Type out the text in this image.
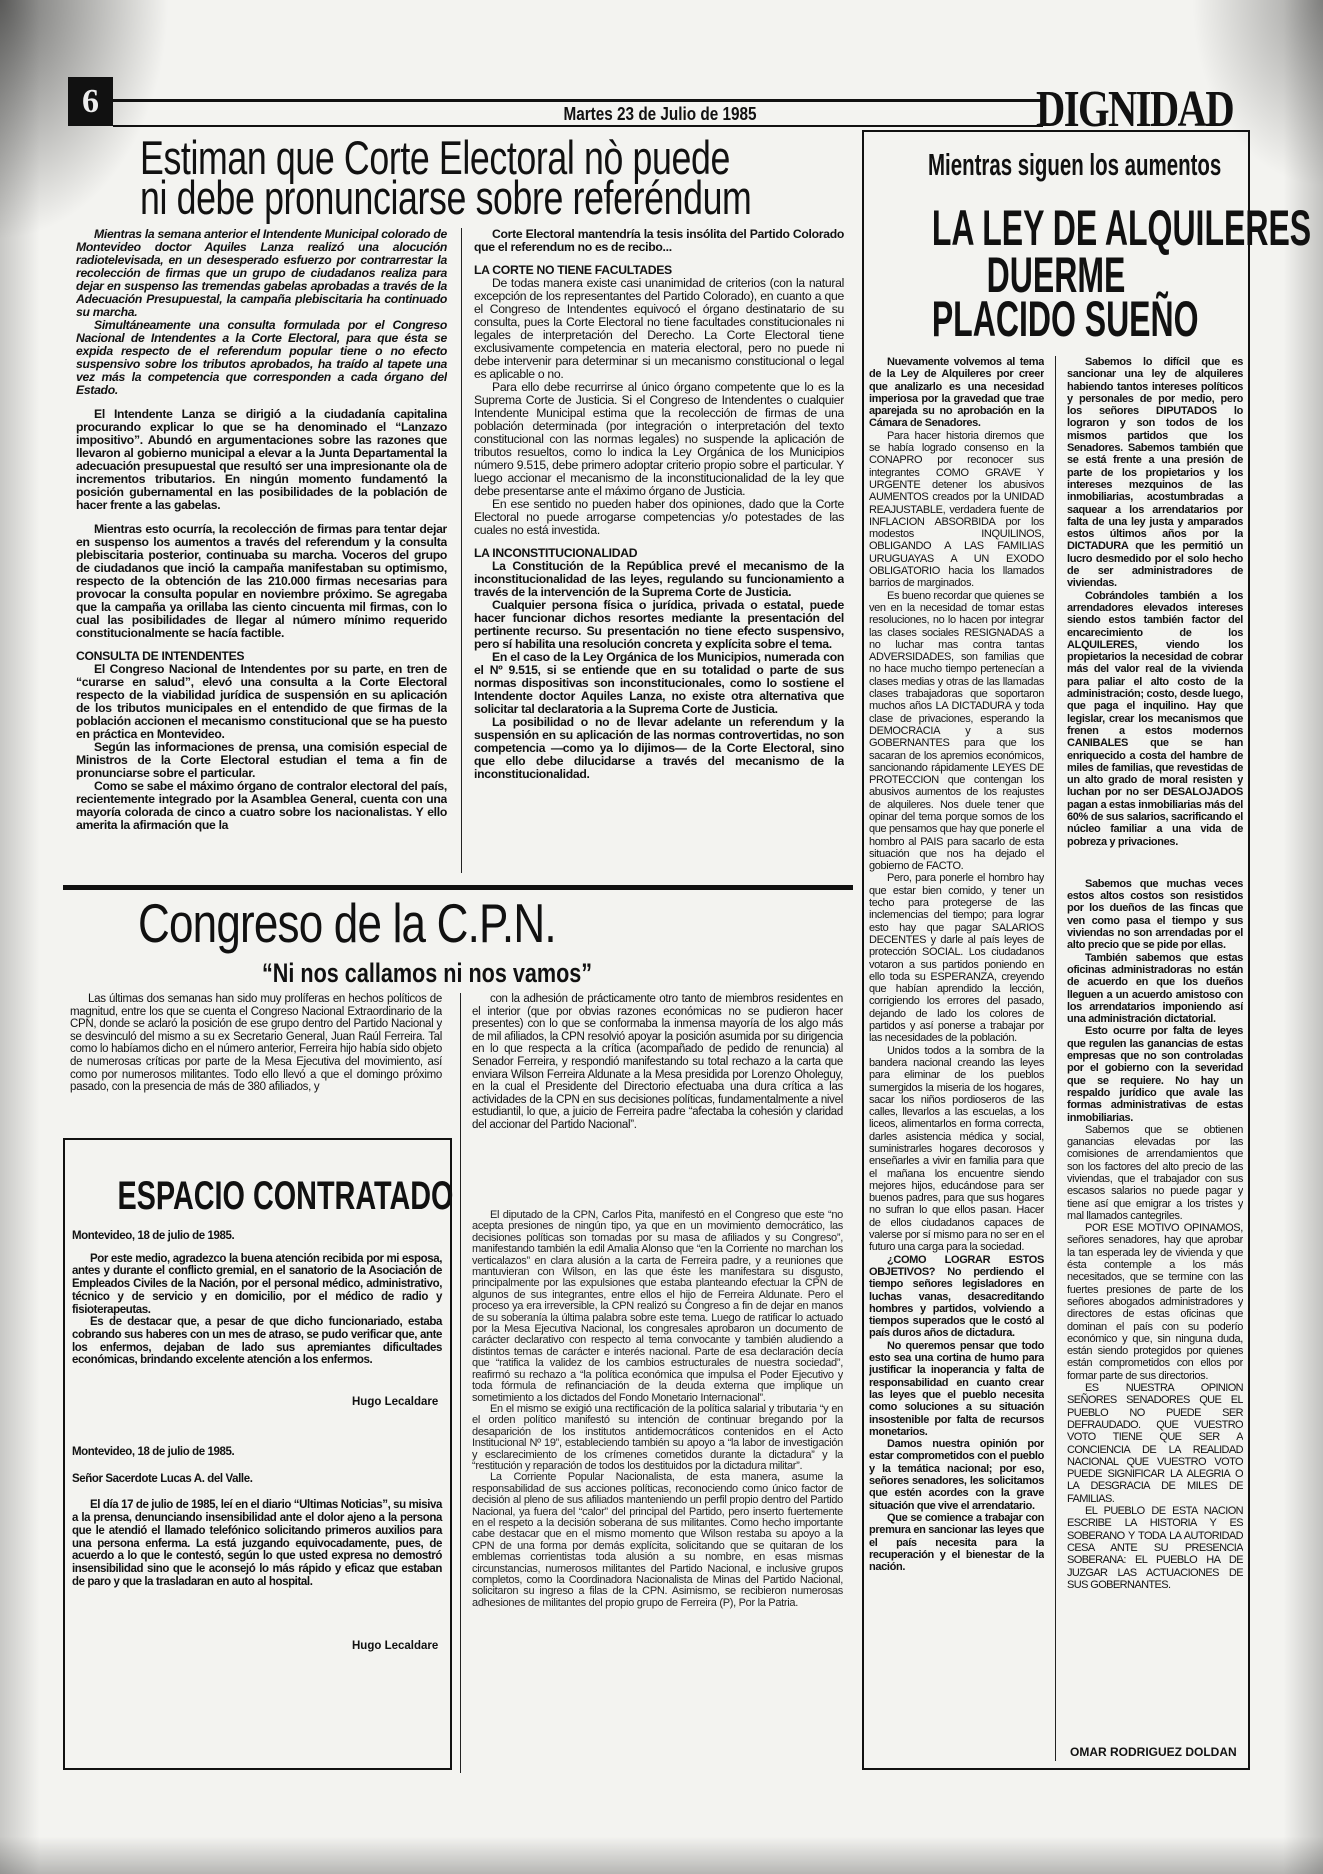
6	Martes 23 de Julio de 1985	DIGNIDAD
Estiman que Corte Electoral nò puede
ni debe pronunciarse sobre referéndum

Mientras la semana anterior el Intendente Municipal colorado de Montevideo doctor Aquiles Lanza realizó una alocución radiotelevisada, en un desesperado esfuerzo por contrarrestar la recolección de firmas que un grupo de ciudadanos realiza para dejar en suspenso las tremendas gabelas aprobadas a través de la Adecuación Presupuestal, la campaña plebiscitaria ha continuado su marcha.

Simultáneamente una consulta formulada por el Congreso Nacional de Intendentes a la Corte Electoral, para que ésta se expida respecto de el referendum popular tiene o no efecto suspensivo sobre los tributos aprobados, ha traído al tapete una vez más la competencia que corresponden a cada órgano del Estado.

El Intendente Lanza se dirigió a la ciudadanía capitalina procurando explicar lo que se ha denominado el “Lanzazo impositivo”. Abundó en argumentaciones sobre las razones que llevaron al gobierno municipal a elevar a la Junta Departamental la adecuación presupuestal que resultó ser una impresionante ola de incrementos tributarios. En ningún momento fundamentó la posición gubernamental en las posibilidades de la población de hacer frente a las gabelas.

Mientras esto ocurría, la recolección de firmas para tentar dejar en suspenso los aumentos a través del referendum y la consulta plebiscitaria posterior, continuaba su marcha. Voceros del grupo de ciudadanos que inció la campaña manifestaban su optimismo, respecto de la obtención de las 210.000 firmas necesarias para provocar la consulta popular en noviembre próximo. Se agregaba que la campaña ya orillaba las ciento cincuenta mil firmas, con lo cual las posibilidades de llegar al número mínimo requerido constitucionalmente se hacía factible.

CONSULTA DE INTENDENTES

El Congreso Nacional de Intendentes por su parte, en tren de “curarse en salud”, elevó una consulta a la Corte Electoral respecto de la viabilidad jurídica de suspensión en su aplicación de los tributos municipales en el entendido de que firmas de la población accionen el mecanismo constitucional que se ha puesto en práctica en Montevideo.

Según las informaciones de prensa, una comisión especial de Ministros de la Corte Electoral estudian el tema a fin de pronunciarse sobre el particular.

Como se sabe el máximo órgano de contralor electoral del país, recientemente integrado por la Asamblea General, cuenta con una mayoría colorada de cinco a cuatro sobre los nacionalistas. Y ello amerita la afirmación que la

Corte Electoral mantendría la tesis insólita del Partido Colorado que el referendum no es de recibo...

LA CORTE NO TIENE FACULTADES

De todas manera existe casi unanimidad de criterios (con la natural excepción de los representantes del Partido Colorado), en cuanto a que el Congreso de Intendentes equivocó el órgano destinatario de su consulta, pues la Corte Electoral no tiene facultades constitucionales ni legales de interpretación del Derecho. La Corte Electoral tiene exclusivamente competencia en materia electoral, pero no puede ni debe intervenir para determinar si un mecanismo constitucional o legal es aplicable o no.

Para ello debe recurrirse al único órgano competente que lo es la Suprema Corte de Justicia. Si el Congreso de Intendentes o cualquier Intendente Municipal estima que la recolección de firmas de una población determinada (por integración o interpretación del texto constitucional con las normas legales) no suspende la aplicación de tributos resueltos, como lo indica la Ley Orgánica de los Municipios número 9.515, debe primero adoptar criterio propio sobre el particular. Y luego accionar el mecanismo de la inconstitucionalidad de la ley que debe presentarse ante el máximo órgano de Justicia.

En ese sentido no pueden haber dos opiniones, dado que la Corte Electoral no puede arrogarse competencias y/o potestades de las cuales no está investida.

LA INCONSTITUCIONALIDAD

La Constitución de la República prevé el mecanismo de la inconstitucionalidad de las leyes, regulando su funcionamiento a través de la intervención de la Suprema Corte de Justicia.

Cualquier persona física o jurídica, privada o estatal, puede hacer funcionar dichos resortes mediante la presentación del pertinente recurso. Su presentación no tiene efecto suspensivo, pero sí habilita una resolución concreta y explícita sobre el tema.

En el caso de la Ley Orgánica de los Municipios, numerada con el Nº 9.515, si se entiende que en su totalidad o parte de sus normas dispositivas son inconstitucionales, como lo sostiene el Intendente doctor Aquiles Lanza, no existe otra alternativa que solicitar tal declaratoria a la Suprema Corte de Justicia.

La posibilidad o no de llevar adelante un referendum y la suspensión en su aplicación de las normas controvertidas, no son competencia —como ya lo dijimos— de la Corte Electoral, sino que ello debe dilucidarse a través del mecanismo de la inconstitucionalidad.

Mientras siguen los aumentos
LA LEY DE ALQUILERES
DUERME
PLACIDO SUEÑO

Nuevamente volvemos al tema de la Ley de Alquileres por creer que analizarlo es una necesidad imperiosa por la gravedad que trae aparejada su no aprobación en la Cámara de Senadores.

Para hacer historia diremos que se había logrado consenso en la CONAPRO por reconocer sus integrantes COMO GRAVE Y URGENTE detener los abusivos AUMENTOS creados por la UNIDAD REAJUSTABLE, verdadera fuente de INFLACION ABSORBIDA por los modestos INQUILINOS, OBLIGANDO A LAS FAMILIAS URUGUAYAS A UN EXODO OBLIGATORIO hacia los llamados barrios de marginados.

Es bueno recordar que quienes se ven en la necesidad de tomar estas resoluciones, no lo hacen por integrar las clases sociales RESIGNADAS a no luchar mas contra tantas ADVERSIDADES, son familias que no hace mucho tiempo pertenecían a clases medias y otras de las llamadas clases trabajadoras que soportaron muchos años LA DICTADURA y toda clase de privaciones, esperando la DEMOCRACIA y a sus GOBERNANTES para que los sacaran de los apremios económicos, sancionando rápidamente LEYES DE PROTECCION que contengan los abusivos aumentos de los reajustes de alquileres. Nos duele tener que opinar del tema porque somos de los que pensamos que hay que ponerle el hombro al PAIS para sacarlo de esta situación que nos ha dejado el gobierno de FACTO.

Pero, para ponerle el hombro hay que estar bien comido, y tener un techo para protegerse de las inclemencias del tiempo; para lograr esto hay que pagar SALARIOS DECENTES y darle al país leyes de protección SOCIAL. Los ciudadanos votaron a sus partidos poniendo en ello toda su ESPERANZA, creyendo que habían aprendido la lección, corrigiendo los errores del pasado, dejando de lado los colores de partidos y así ponerse a trabajar por las necesidades de la población.

Unidos todos a la sombra de la bandera nacional creando las leyes para eliminar de los pueblos sumergidos la miseria de los hogares, sacar los niños pordioseros de las calles, llevarlos a las escuelas, a los liceos, alimentarlos en forma correcta, darles asistencia médica y social, suministrarles hogares decorosos y enseñarles a vivir en familia para que el mañana los encuentre siendo mejores hijos, educándose para ser buenos padres, para que sus hogares no sufran lo que ellos pasan. Hacer de ellos ciudadanos capaces de valerse por sí mismo para no ser en el futuro una carga para la sociedad.

¿COMO LOGRAR ESTOS OBJETIVOS? No perdiendo el tiempo señores legisladores en luchas vanas, desacreditando hombres y partidos, volviendo a tiempos superados que le costó al país duros años de dictadura.

No queremos pensar que todo esto sea una cortina de humo para justificar la inoperancia y falta de responsabilidad en cuanto crear las leyes que el pueblo necesita como soluciones a su situación insostenible por falta de recursos monetarios.

Damos nuestra opinión por estar comprometidos con el pueblo y la temática nacional; por eso, señores senadores, les solicitamos que estén acordes con la grave situación que vive el arrendatario.

Que se comience a trabajar con premura en sancionar las leyes que el país necesita para la recuperación y el bienestar de la nación.

Sabemos lo difícil que es sancionar una ley de alquileres habiendo tantos intereses políticos y personales de por medio, pero los señores DIPUTADOS lo lograron y son todos de los mismos partidos que los Senadores. Sabemos también que se está frente a una presión de parte de los propietarios y los intereses mezquinos de las inmobiliarias, acostumbradas a saquear a los arrendatarios por falta de una ley justa y amparados estos últimos años por la DICTADURA que les permitió un lucro desmedido por el solo hecho de ser administradores de viviendas.

Cobrándoles también a los arrendadores elevados intereses siendo estos también factor del encarecimiento de los ALQUILERES, viendo los propietarios la necesidad de cobrar más del valor real de la vivienda para paliar el alto costo de la administración; costo, desde luego, que paga el inquilino. Hay que legislar, crear los mecanismos que frenen a estos modernos CANIBALES que se han enriquecido a costa del hambre de miles de familias, que revestidas de un alto grado de moral resisten y luchan por no ser DESALOJADOS pagan a estas inmobiliarias más del 60% de sus salarios, sacrificando el núcleo familiar a una vida de pobreza y privaciones.

Sabemos que muchas veces estos altos costos son resistidos por los dueños de las fincas que ven como pasa el tiempo y sus viviendas no son arrendadas por el alto precio que se pide por ellas.

También sabemos que estas oficinas administradoras no están de acuerdo en que los dueños lleguen a un acuerdo amistoso con los arrendatarios imponiendo así una administración dictatorial.

Esto ocurre por falta de leyes que regulen las ganancias de estas empresas que no son controladas por el gobierno con la severidad que se requiere. No hay un respaldo jurídico que avale las formas administrativas de estas inmobiliarias.

Sabemos que se obtienen ganancias elevadas por las comisiones de arrendamientos que son los factores del alto precio de las viviendas, que el trabajador con sus escasos salarios no puede pagar y tiene así que emigrar a los tristes y mal llamados cantegriles.

POR ESE MOTIVO OPINAMOS, señores senadores, hay que aprobar la tan esperada ley de vivienda y que ésta contemple a los más necesitados, que se termine con las fuertes presiones de parte de los señores abogados administradores y directores de estas oficinas que dominan el país con su poderío económico y que, sin ninguna duda, están siendo protegidos por quienes están comprometidos con ellos por formar parte de sus directorios.

ES NUESTRA OPINION SEÑORES SENADORES QUE EL PUEBLO NO PUEDE SER DEFRAUDADO. QUE VUESTRO VOTO TIENE QUE SER A CONCIENCIA DE LA REALIDAD NACIONAL QUE VUESTRO VOTO PUEDE SIGNIFICAR LA ALEGRIA O LA DESGRACIA DE MILES DE FAMILIAS.

EL PUEBLO DE ESTA NACION ESCRIBE LA HISTORIA Y ES SOBERANO Y TODA LA AUTORIDAD CESA ANTE SU PRESENCIA SOBERANA: EL PUEBLO HA DE JUZGAR LAS ACTUACIONES DE SUS GOBERNANTES.

OMAR RODRIGUEZ DOLDAN
Congreso de la C.P.N.
“Ni nos callamos ni nos vamos”

Las últimas dos semanas han sido muy prolíferas en hechos políticos de magnitud, entre los que se cuenta el Congreso Nacional Extraordinario de la CPN, donde se aclaró la posición de ese grupo dentro del Partido Nacional y se desvinculó del mismo a su ex Secretario General, Juan Raúl Ferreira. Tal como lo habíamos dicho en el número anterior, Ferreira hijo había sido objeto de numerosas críticas por parte de la Mesa Ejecutiva del movimiento, así como por numerosos militantes. Todo ello llevó a que el domingo próximo pasado, con la presencia de más de 380 afiliados, y

con la adhesión de prácticamente otro tanto de miembros residentes en el interior (que por obvias razones económicas no se pudieron hacer presentes) con lo que se conformaba la inmensa mayoría de los algo más de mil afiliados, la CPN resolvió apoyar la posición asumida por su dirigencia en lo que respecta a la crítica (acompañado de pedido de renuncia) al Senador Ferreira, y respondió manifestando su total rechazo a la carta que enviara Wilson Ferreira Aldunate a la Mesa presidida por Lorenzo Oholeguy, en la cual el Presidente del Directorio efectuaba una dura crítica a las actividades de la CPN en sus decisiones políticas, fundamentalmente a nivel estudiantil, lo que, a juicio de Ferreira padre “afectaba la cohesión y claridad del accionar del Partido Nacional”.

El diputado de la CPN, Carlos Pita, manifestó en el Congreso que este “no acepta presiones de ningún tipo, ya que en un movimiento democrático, las decisiones políticas son tomadas por su masa de afiliados y su Congreso”, manifestando también la edil Amalia Alonso que “en la Corriente no marchan los verticalazos” en clara alusión a la carta de Ferreira padre, y a reuniones que mantuvieran con Wilson, en las que éste les manifestara su disgusto, principalmente por las expulsiones que estaba planteando efectuar la CPN de algunos de sus integrantes, entre ellos el hijo de Ferreira Aldunate. Pero el proceso ya era irreversible, la CPN realizó su Congreso a fin de dejar en manos de su soberanía la última palabra sobre este tema. Luego de ratificar lo actuado por la Mesa Ejecutiva Nacional, los congresales aprobaron un documento de carácter declarativo con respecto al tema convocante y también aludiendo a distintos temas de carácter e interés nacional. Parte de esa declaración decía que “ratifica la validez de los cambios estructurales de nuestra sociedad”, reafirmó su rechazo a “la política económica que impulsa el Poder Ejecutivo y toda fórmula de refinanciación de la deuda externa que implique un sometimiento a los dictados del Fondo Monetario Internacional”.

En el mismo se exigió una rectificación de la política salarial y tributaria “y en el orden político manifestó su intención de continuar bregando por la desaparición de los institutos antidemocráticos contenidos en el Acto Institucional Nº 19”, estableciendo también su apoyo a “la labor de investigación y esclarecimiento de los crímenes cometidos durante la dictadura” y la “restitución y reparación de todos los destituidos por la dictadura militar”.

La Corriente Popular Nacionalista, de esta manera, asume la responsabilidad de sus acciones políticas, reconociendo como único factor de decisión al pleno de sus afiliados manteniendo un perfil propio dentro del Partido Nacional, ya fuera del “calor” del principal del Partido, pero inserto fuertemente en el respeto a la decisión soberana de sus militantes. Como hecho importante cabe destacar que en el mismo momento que Wilson restaba su apoyo a la CPN de una forma por demás explícita, solicitando que se quitaran de los emblemas corrientistas toda alusión a su nombre, en esas mismas circunstancias, numerosos militantes del Partido Nacional, e inclusive grupos completos, como la Coordinadora Nacionalista de Minas del Partido Nacional, solicitaron su ingreso a filas de la CPN. Asimismo, se recibieron numerosas adhesiones de militantes del propio grupo de Ferreira (P), Por la Patria.

ESPACIO CONTRATADO

Montevideo, 18 de julio de 1985.

Por este medio, agradezco la buena atención recibida por mi esposa, antes y durante el conflicto gremial, en el sanatorio de la Asociación de Empleados Civiles de la Nación, por el personal médico, administrativo, técnico y de servicio y en domicilio, por el médico de radio y fisioterapeutas.

Es de destacar que, a pesar de que dicho funcionariado, estaba cobrando sus haberes con un mes de atraso, se pudo verificar que, ante los enfermos, dejaban de lado sus apremiantes dificultades económicas, brindando excelente atención a los enfermos.

Hugo Lecaldare

Montevideo, 18 de julio de 1985.

Señor Sacerdote Lucas A. del Valle.

El día 17 de julio de 1985, leí en el diario “Ultimas Noticias”, su misiva a la prensa, denunciando insensibilidad ante el dolor ajeno a la persona que le atendió el llamado telefónico solicitando primeros auxilios para una persona enferma. La está juzgando equivocadamente, pues, de acuerdo a lo que le contestó, según lo que usted expresa no demostró insensibilidad sino que le aconsejó lo más rápido y eficaz que estaban de paro y que la trasladaran en auto al hospital.

Hugo Lecaldare
